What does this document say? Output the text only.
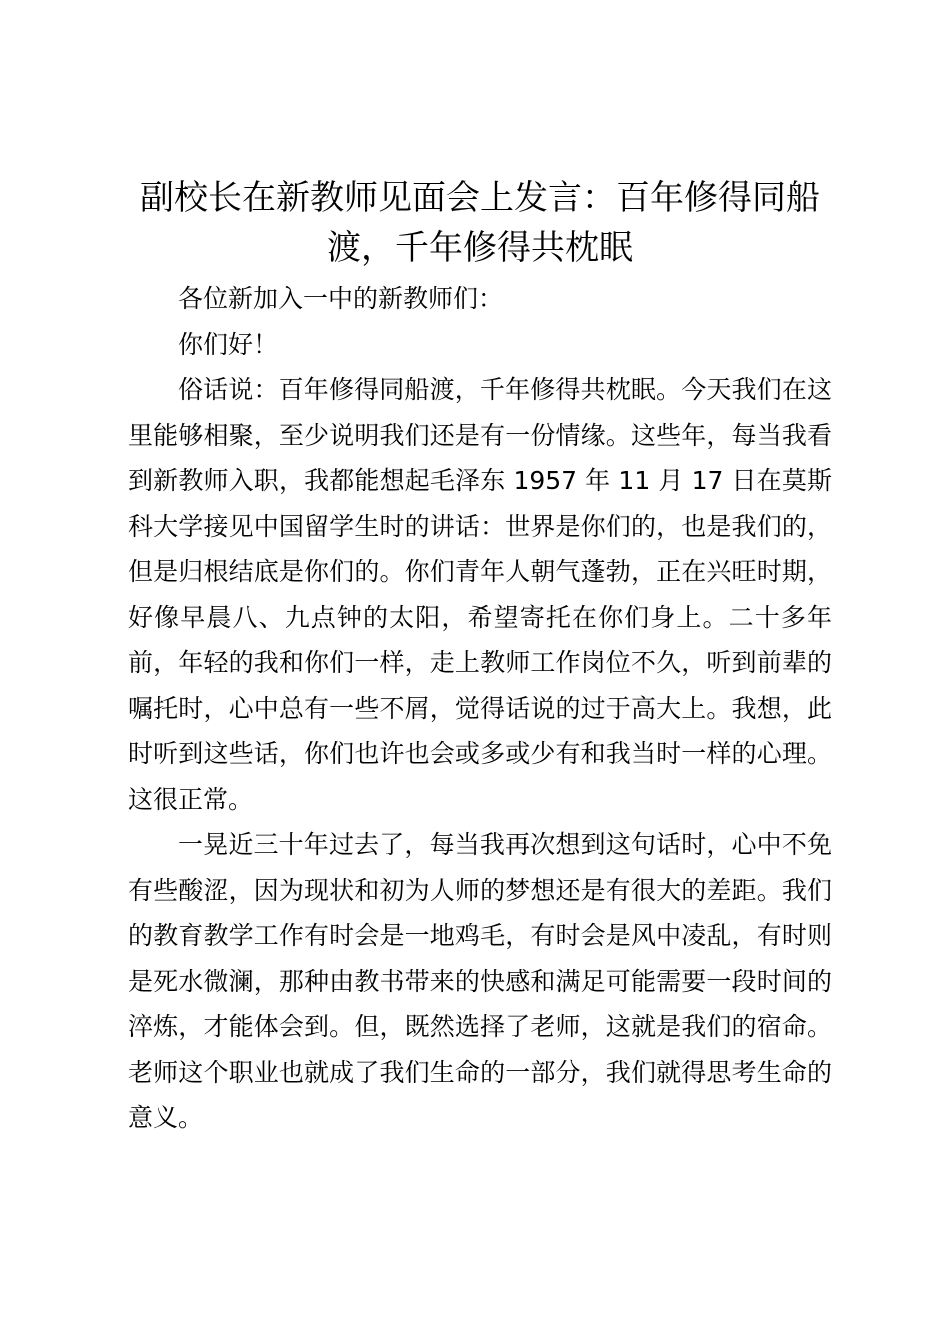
副校长在新教师见面会上发言：百年修得同船
渡，千年修得共枕眠

各位新加入一中的新教师们：

你们好！

俗话说：百年修得同船渡，千年修得共枕眠。今天我们在这里能够相聚，至少说明我们还是有一份情缘。这些年，每当我看到新教师入职，我都能想起毛泽东 1957 年 11 月 17 日在莫斯科大学接见中国留学生时的讲话：世界是你们的，也是我们的，但是归根结底是你们的。你们青年人朝气蓬勃，正在兴旺时期，好像早晨八、九点钟的太阳，希望寄托在你们身上。二十多年前，年轻的我和你们一样，走上教师工作岗位不久，听到前辈的嘱托时，心中总有一些不屑，觉得话说的过于高大上。我想，此时听到这些话，你们也许也会或多或少有和我当时一样的心理。这很正常。

一晃近三十年过去了，每当我再次想到这句话时，心中不免有些酸涩，因为现状和初为人师的梦想还是有很大的差距。我们的教育教学工作有时会是一地鸡毛，有时会是风中凌乱，有时则是死水微澜，那种由教书带来的快感和满足可能需要一段时间的淬炼，才能体会到。但，既然选择了老师，这就是我们的宿命。老师这个职业也就成了我们生命的一部分，我们就得思考生命的意义。
